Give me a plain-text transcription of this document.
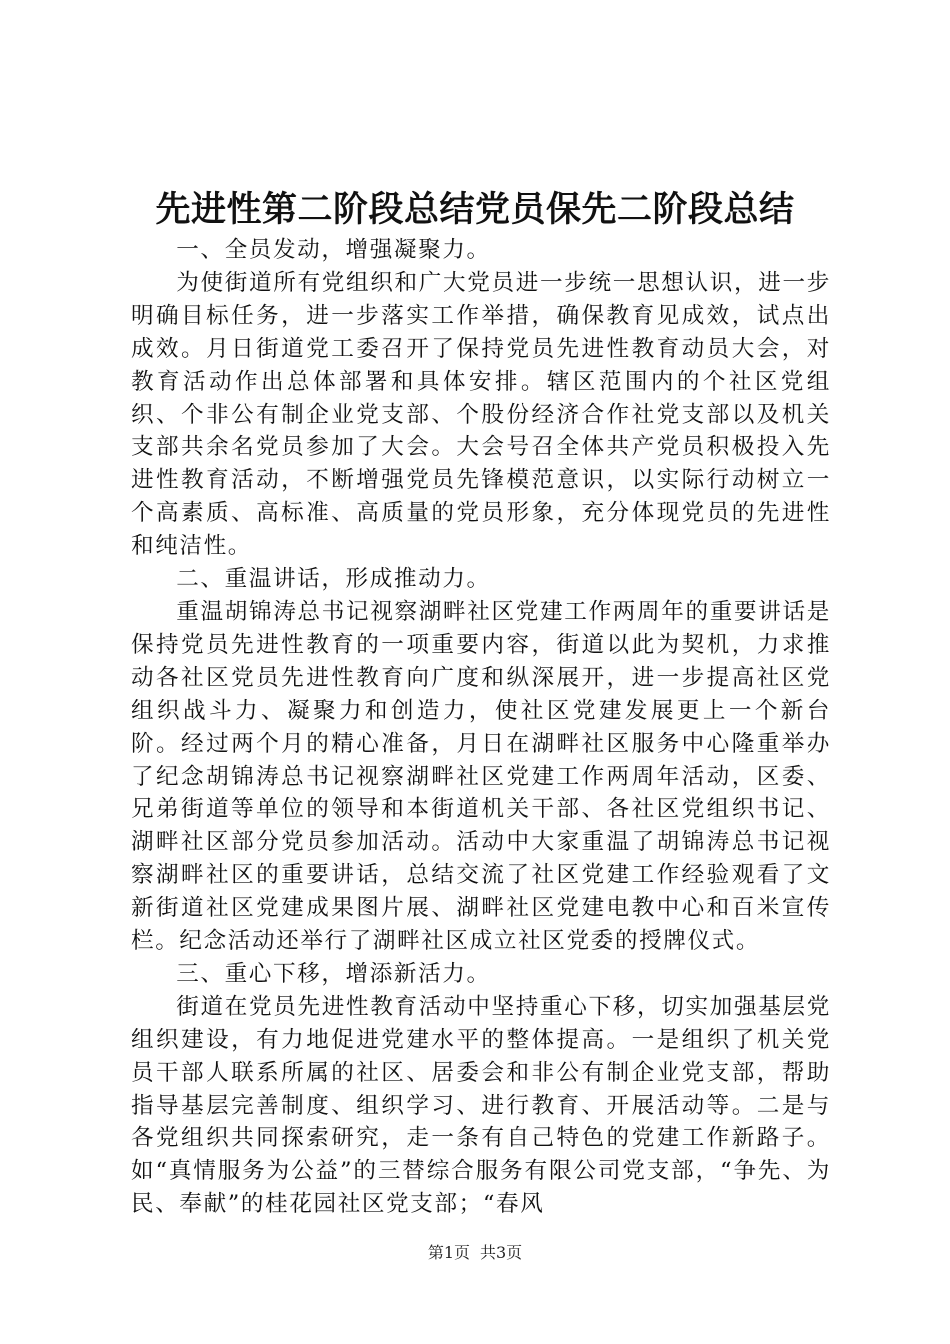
先进性第二阶段总结党员保先二阶段总结

一、全员发动，增强凝聚力。

为使街道所有党组织和广大党员进一步统一思想认识，进一步明确目标任务，进一步落实工作举措，确保教育见成效，试点出成效。月日街道党工委召开了保持党员先进性教育动员大会，对教育活动作出总体部署和具体安排。辖区范围内的个社区党组织、个非公有制企业党支部、个股份经济合作社党支部以及机关支部共余名党员参加了大会。大会号召全体共产党员积极投入先进性教育活动，不断增强党员先锋模范意识，以实际行动树立一个高素质、高标准、高质量的党员形象，充分体现党员的先进性和纯洁性。

二、重温讲话，形成推动力。

重温胡锦涛总书记视察湖畔社区党建工作两周年的重要讲话是保持党员先进性教育的一项重要内容，街道以此为契机，力求推动各社区党员先进性教育向广度和纵深展开，进一步提高社区党组织战斗力、凝聚力和创造力，使社区党建发展更上一个新台阶。经过两个月的精心准备，月日在湖畔社区服务中心隆重举办了纪念胡锦涛总书记视察湖畔社区党建工作两周年活动，区委、兄弟街道等单位的领导和本街道机关干部、各社区党组织书记、湖畔社区部分党员参加活动。活动中大家重温了胡锦涛总书记视察湖畔社区的重要讲话，总结交流了社区党建工作经验观看了文新街道社区党建成果图片展、湖畔社区党建电教中心和百米宣传栏。纪念活动还举行了湖畔社区成立社区党委的授牌仪式。

三、重心下移，增添新活力。

街道在党员先进性教育活动中坚持重心下移，切实加强基层党组织建设，有力地促进党建水平的整体提高。一是组织了机关党员干部人联系所属的社区、居委会和非公有制企业党支部，帮助指导基层完善制度、组织学习、进行教育、开展活动等。二是与各党组织共同探索研究，走一条有自己特色的党建工作新路子。如“真情服务为公益”的三替综合服务有限公司党支部，“争先、为民、奉献”的桂花园社区党支部；“春风

第1页 共3页
